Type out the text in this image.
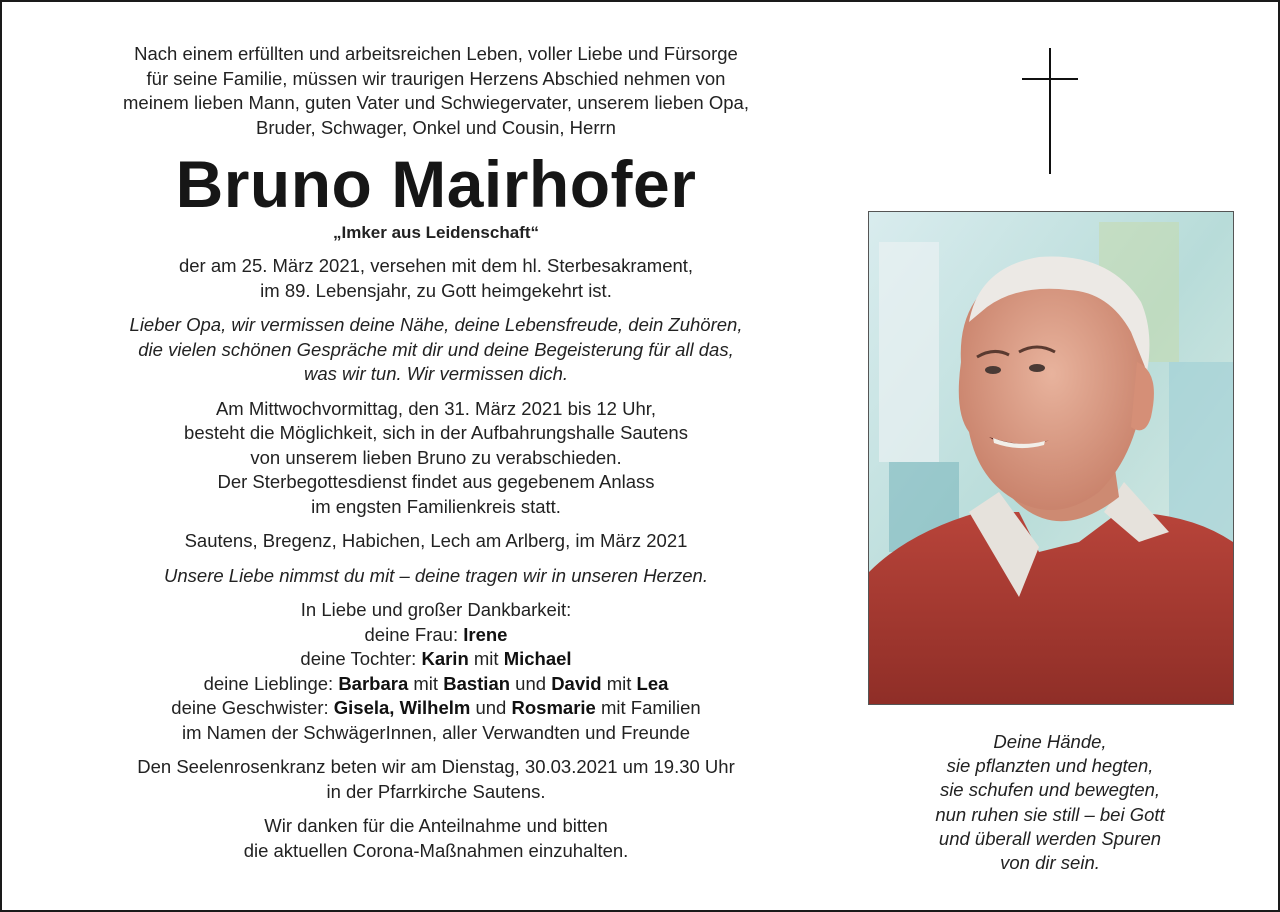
Nach einem erfüllten und arbeitsreichen Leben, voller Liebe und Fürsorge

für seine Familie, müssen wir traurigen Herzens Abschied nehmen von

meinem lieben Mann, guten Vater und Schwiegervater, unserem lieben Opa,

Bruder, Schwager, Onkel und Cousin, Herrn

Bruno Mairhofer

„Imker aus Leidenschaft“

der am 25. März 2021, versehen mit dem hl. Sterbesakrament,

im 89. Lebensjahr, zu Gott heimgekehrt ist.

Lieber Opa, wir vermissen deine Nähe, deine Lebensfreude, dein Zuhören,

die vielen schönen Gespräche mit dir und deine Begeisterung für all das,

was wir tun. Wir vermissen dich.

Am Mittwochvormittag, den 31. März 2021 bis 12 Uhr,

besteht die Möglichkeit, sich in der Aufbahrungshalle Sautens

von unserem lieben Bruno zu verabschieden.

Der Sterbegottesdienst findet aus gegebenem Anlass

im engsten Familienkreis statt.

Sautens, Bregenz, Habichen, Lech am Arlberg, im März 2021

Unsere Liebe nimmst du mit – deine tragen wir in unseren Herzen.

In Liebe und großer Dankbarkeit:

deine Frau: Irene

deine Tochter: Karin mit Michael

deine Lieblinge: Barbara mit Bastian und David mit Lea

deine Geschwister: Gisela, Wilhelm und Rosmarie mit Familien

im Namen der SchwägerInnen, aller Verwandten und Freunde

Den Seelenrosenkranz beten wir am Dienstag, 30.03.2021 um 19.30 Uhr

in der Pfarrkirche Sautens.

Wir danken für die Anteilnahme und bitten

die aktuellen Corona-Maßnahmen einzuhalten.

Deine Hände,
sie pflanzten und hegten,
sie schufen und bewegten,
nun ruhen sie still – bei Gott
und überall werden Spuren
von dir sein.
